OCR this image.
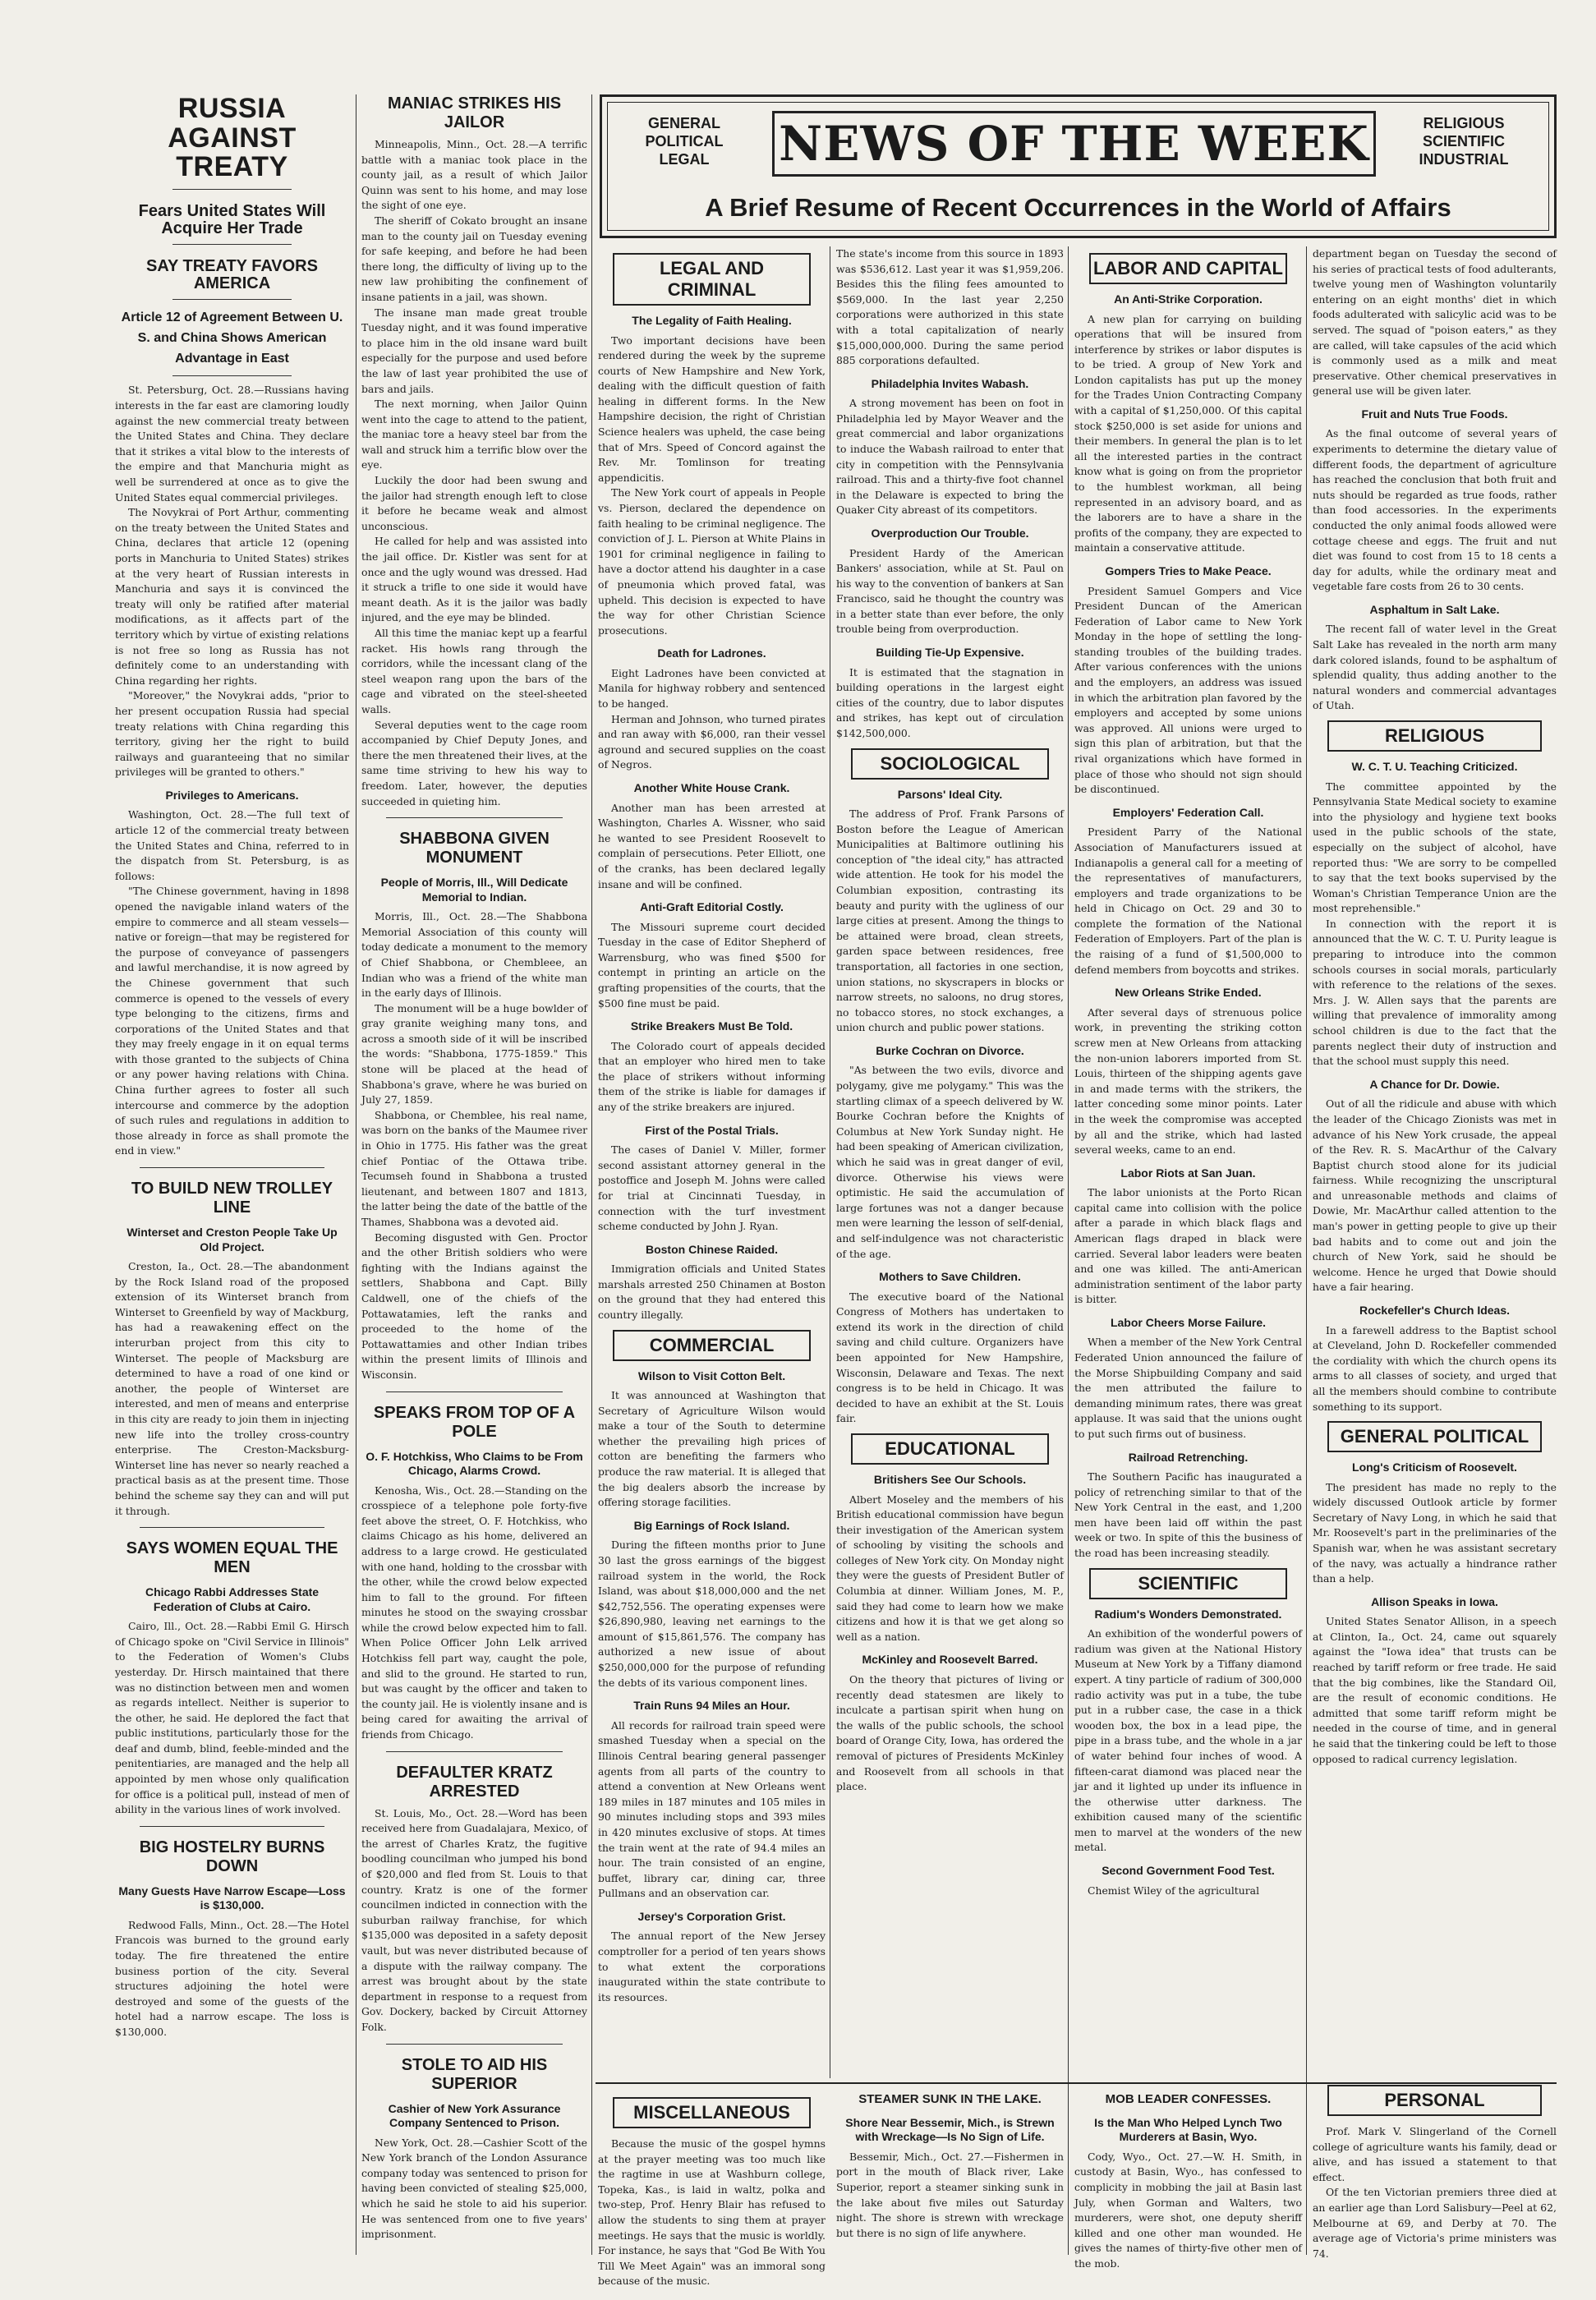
GENERAL
POLITICAL
LEGAL	NEWS OF THE WEEK	RELIGIOUS
SCIENTIFIC
INDUSTRIAL
A Brief Resume of Recent Occurrences in the World of Affairs
RUSSIA AGAINST TREATY
Fears United States Will Acquire Her Trade
SAY TREATY FAVORS AMERICA
Article 12 of Agreement Between U. S. and China Shows American Advantage in East

St. Petersburg, Oct. 28.—Russians having interests in the far east are clamoring loudly against the new commercial treaty between the United States and China. They declare that it strikes a vital blow to the interests of the empire and that Manchuria might as well be surrendered at once as to give the United States equal commercial privileges.

The Novykrai of Port Arthur, commenting on the treaty between the United States and China, declares that article 12 (opening ports in Manchuria to United States) strikes at the very heart of Russian interests in Manchuria and says it is convinced the treaty will only be ratified after material modifications, as it affects part of the territory which by virtue of existing relations is not free so long as Russia has not definitely come to an understanding with China regarding her rights.

"Moreover," the Novykrai adds, "prior to her present occupation Russia had special treaty relations with China regarding this territory, giving her the right to build railways and guaranteeing that no similar privileges will be granted to others."

Privileges to Americans.

Washington, Oct. 28.—The full text of article 12 of the commercial treaty between the United States and China, referred to in the dispatch from St. Petersburg, is as follows:

"The Chinese government, having in 1898 opened the navigable inland waters of the empire to commerce and all steam vessels—native or foreign—that may be registered for the purpose of conveyance of passengers and lawful merchandise, it is now agreed by the Chinese government that such commerce is opened to the vessels of every type belonging to the citizens, firms and corporations of the United States and that they may freely engage in it on equal terms with those granted to the subjects of China or any power having relations with China. China further agrees to foster all such intercourse and commerce by the adoption of such rules and regulations in addition to those already in force as shall promote the end in view."

TO BUILD NEW TROLLEY LINE
Winterset and Creston People Take Up Old Project.

Creston, Ia., Oct. 28.—The abandonment by the Rock Island road of the proposed extension of its Winterset branch from Winterset to Greenfield by way of Mackburg, has had a reawakening effect on the interurban project from this city to Winterset. The people of Macksburg are determined to have a road of one kind or another, the people of Winterset are interested, and men of means and enterprise in this city are ready to join them in injecting new life into the trolley cross-country enterprise. The Creston-Macksburg-Winterset line has never so nearly reached a practical basis as at the present time. Those behind the scheme say they can and will put it through.

SAYS WOMEN EQUAL THE MEN
Chicago Rabbi Addresses State Federation of Clubs at Cairo.

Cairo, Ill., Oct. 28.—Rabbi Emil G. Hirsch of Chicago spoke on "Civil Service in Illinois" to the Federation of Women's Clubs yesterday. Dr. Hirsch maintained that there was no distinction between men and women as regards intellect. Neither is superior to the other, he said. He deplored the fact that public institutions, particularly those for the deaf and dumb, blind, feeble-minded and the penitentiaries, are managed and the help all appointed by men whose only qualification for office is a political pull, instead of men of ability in the various lines of work involved.

BIG HOSTELRY BURNS DOWN
Many Guests Have Narrow Escape—Loss is $130,000.

Redwood Falls, Minn., Oct. 28.—The Hotel Francois was burned to the ground early today. The fire threatened the entire business portion of the city. Several structures adjoining the hotel were destroyed and some of the guests of the hotel had a narrow escape. The loss is $130,000.

MANIAC STRIKES HIS JAILOR

Minneapolis, Minn., Oct. 28.—A terrific battle with a maniac took place in the county jail, as a result of which Jailor Quinn was sent to his home, and may lose the sight of one eye.

The sheriff of Cokato brought an insane man to the county jail on Tuesday evening for safe keeping, and before he had been there long, the difficulty of living up to the new law prohibiting the confinement of insane patients in a jail, was shown.

The insane man made great trouble Tuesday night, and it was found imperative to place him in the old insane ward built especially for the purpose and used before the law of last year prohibited the use of bars and jails.

The next morning, when Jailor Quinn went into the cage to attend to the patient, the maniac tore a heavy steel bar from the wall and struck him a terrific blow over the eye.

Luckily the door had been swung and the jailor had strength enough left to close it before he became weak and almost unconscious.

He called for help and was assisted into the jail office. Dr. Kistler was sent for at once and the ugly wound was dressed. Had it struck a trifle to one side it would have meant death. As it is the jailor was badly injured, and the eye may be blinded.

All this time the maniac kept up a fearful racket. His howls rang through the corridors, while the incessant clang of the steel weapon rang upon the bars of the cage and vibrated on the steel-sheeted walls.

Several deputies went to the cage room accompanied by Chief Deputy Jones, and there the men threatened their lives, at the same time striving to hew his way to freedom. Later, however, the deputies succeeded in quieting him.

SHABBONA GIVEN MONUMENT
People of Morris, Ill., Will Dedicate Memorial to Indian.

Morris, Ill., Oct. 28.—The Shabbona Memorial Association of this county will today dedicate a monument to the memory of Chief Shabbona, or Chembleee, an Indian who was a friend of the white man in the early days of Illinois.

The monument will be a huge bowlder of gray granite weighing many tons, and across a smooth side of it will be inscribed the words: "Shabbona, 1775-1859." This stone will be placed at the head of Shabbona's grave, where he was buried on July 27, 1859.

Shabbona, or Chemblee, his real name, was born on the banks of the Maumee river in Ohio in 1775. His father was the great chief Pontiac of the Ottawa tribe. Tecumseh found in Shabbona a trusted lieutenant, and between 1807 and 1813, the latter being the date of the battle of the Thames, Shabbona was a devoted aid.

Becoming disgusted with Gen. Proctor and the other British soldiers who were fighting with the Indians against the settlers, Shabbona and Capt. Billy Caldwell, one of the chiefs of the Pottawatamies, left the ranks and proceeded to the home of the Pottawattamies and other Indian tribes within the present limits of Illinois and Wisconsin.

SPEAKS FROM TOP OF A POLE
O. F. Hotchkiss, Who Claims to be From Chicago, Alarms Crowd.

Kenosha, Wis., Oct. 28.—Standing on the crosspiece of a telephone pole forty-five feet above the street, O. F. Hotchkiss, who claims Chicago as his home, delivered an address to a large crowd. He gesticulated with one hand, holding to the crossbar with the other, while the crowd below expected him to fall to the ground. For fifteen minutes he stood on the swaying crossbar while the crowd below expected him to fall. When Police Officer John Lelk arrived Hotchkiss fell part way, caught the pole, and slid to the ground. He started to run, but was caught by the officer and taken to the county jail. He is violently insane and is being cared for awaiting the arrival of friends from Chicago.

DEFAULTER KRATZ ARRESTED

St. Louis, Mo., Oct. 28.—Word has been received here from Guadalajara, Mexico, of the arrest of Charles Kratz, the fugitive boodling councilman who jumped his bond of $20,000 and fled from St. Louis to that country. Kratz is one of the former councilmen indicted in connection with the suburban railway franchise, for which $135,000 was deposited in a safety deposit vault, but was never distributed because of a dispute with the railway company. The arrest was brought about by the state department in response to a request from Gov. Dockery, backed by Circuit Attorney Folk.

STOLE TO AID HIS SUPERIOR
Cashier of New York Assurance Company Sentenced to Prison.

New York, Oct. 28.—Cashier Scott of the New York branch of the London Assurance company today was sentenced to prison for having been convicted of stealing $25,000, which he said he stole to aid his superior. He was sentenced from one to five years' imprisonment.

LEGAL AND CRIMINAL
The Legality of Faith Healing.

Two important decisions have been rendered during the week by the supreme courts of New Hampshire and New York, dealing with the difficult question of faith healing in different forms. In the New Hampshire decision, the right of Christian Science healers was upheld, the case being that of Mrs. Speed of Concord against the Rev. Mr. Tomlinson for treating appendicitis.

The New York court of appeals in People vs. Pierson, declared the dependence on faith healing to be criminal negligence. The conviction of J. L. Pierson at White Plains in 1901 for criminal negligence in failing to have a doctor attend his daughter in a case of pneumonia which proved fatal, was upheld. This decision is expected to have the way for other Christian Science prosecutions.

Death for Ladrones.

Eight Ladrones have been convicted at Manila for highway robbery and sentenced to be hanged.

Herman and Johnson, who turned pirates and ran away with $6,000, ran their vessel aground and secured supplies on the coast of Negros.

Another White House Crank.

Another man has been arrested at Washington, Charles A. Wissner, who said he wanted to see President Roosevelt to complain of persecutions. Peter Elliott, one of the cranks, has been declared legally insane and will be confined.

Anti-Graft Editorial Costly.

The Missouri supreme court decided Tuesday in the case of Editor Shepherd of Warrensburg, who was fined $500 for contempt in printing an article on the grafting propensities of the courts, that the $500 fine must be paid.

Strike Breakers Must Be Told.

The Colorado court of appeals decided that an employer who hired men to take the place of strikers without informing them of the strike is liable for damages if any of the strike breakers are injured.

First of the Postal Trials.

The cases of Daniel V. Miller, former second assistant attorney general in the postoffice and Joseph M. Johns were called for trial at Cincinnati Tuesday, in connection with the turf investment scheme conducted by John J. Ryan.

Boston Chinese Raided.

Immigration officials and United States marshals arrested 250 Chinamen at Boston on the ground that they had entered this country illegally.

COMMERCIAL
Wilson to Visit Cotton Belt.

It was announced at Washington that Secretary of Agriculture Wilson would make a tour of the South to determine whether the prevailing high prices of cotton are benefiting the farmers who produce the raw material. It is alleged that the big dealers absorb the increase by offering storage facilities.

Big Earnings of Rock Island.

During the fifteen months prior to June 30 last the gross earnings of the biggest railroad system in the world, the Rock Island, was about $18,000,000 and the net $42,752,556. The operating expenses were $26,890,980, leaving net earnings to the amount of $15,861,576. The company has authorized a new issue of about $250,000,000 for the purpose of refunding the debts of its various component lines.

Train Runs 94 Miles an Hour.

All records for railroad train speed were smashed Tuesday when a special on the Illinois Central bearing general passenger agents from all parts of the country to attend a convention at New Orleans went 189 miles in 187 minutes and 105 miles in 90 minutes including stops and 393 miles in 420 minutes exclusive of stops. At times the train went at the rate of 94.4 miles an hour. The train consisted of an engine, buffet, library car, dining car, three Pullmans and an observation car.

Jersey's Corporation Grist.

The annual report of the New Jersey comptroller for a period of ten years shows to what extent the corporations inaugurated within the state contribute to its resources.

The state's income from this source in 1893 was $536,612. Last year it was $1,959,206. Besides this the filing fees amounted to $569,000. In the last year 2,250 corporations were authorized in this state with a total capitalization of nearly $15,000,000,000. During the same period 885 corporations defaulted.

Philadelphia Invites Wabash.

A strong movement has been on foot in Philadelphia led by Mayor Weaver and the great commercial and labor organizations to induce the Wabash railroad to enter that city in competition with the Pennsylvania railroad. This and a thirty-five foot channel in the Delaware is expected to bring the Quaker City abreast of its competitors.

Overproduction Our Trouble.

President Hardy of the American Bankers' association, while at St. Paul on his way to the convention of bankers at San Francisco, said he thought the country was in a better state than ever before, the only trouble being from overproduction.

Building Tie-Up Expensive.

It is estimated that the stagnation in building operations in the largest eight cities of the country, due to labor disputes and strikes, has kept out of circulation $142,500,000.

SOCIOLOGICAL
Parsons' Ideal City.

The address of Prof. Frank Parsons of Boston before the League of American Municipalities at Baltimore outlining his conception of "the ideal city," has attracted wide attention. He took for his model the Columbian exposition, contrasting its beauty and purity with the ugliness of our large cities at present. Among the things to be attained were broad, clean streets, garden space between residences, free transportation, all factories in one section, union stations, no skyscrapers in blocks or narrow streets, no saloons, no drug stores, no tobacco stores, no stock exchanges, a union church and public power stations.

Burke Cochran on Divorce.

"As between the two evils, divorce and polygamy, give me polygamy." This was the startling climax of a speech delivered by W. Bourke Cochran before the Knights of Columbus at New York Sunday night. He had been speaking of American civilization, which he said was in great danger of evil, divorce. Otherwise his views were optimistic. He said the accumulation of large fortunes was not a danger because men were learning the lesson of self-denial, and self-indulgence was not characteristic of the age.

Mothers to Save Children.

The executive board of the National Congress of Mothers has undertaken to extend its work in the direction of child saving and child culture. Organizers have been appointed for New Hampshire, Wisconsin, Delaware and Texas. The next congress is to be held in Chicago. It was decided to have an exhibit at the St. Louis fair.

EDUCATIONAL
Britishers See Our Schools.

Albert Moseley and the members of his British educational commission have begun their investigation of the American system of schooling by visiting the schools and colleges of New York city. On Monday night they were the guests of President Butler of Columbia at dinner. William Jones, M. P., said they had come to learn how we make citizens and how it is that we get along so well as a nation.

McKinley and Roosevelt Barred.

On the theory that pictures of living or recently dead statesmen are likely to inculcate a partisan spirit when hung on the walls of the public schools, the school board of Orange City, Iowa, has ordered the removal of pictures of Presidents McKinley and Roosevelt from all schools in that place.

LABOR AND CAPITAL
An Anti-Strike Corporation.

A new plan for carrying on building operations that will be insured from interference by strikes or labor disputes is to be tried. A group of New York and London capitalists has put up the money for the Trades Union Contracting Company with a capital of $1,250,000. Of this capital stock $250,000 is set aside for unions and their members. In general the plan is to let all the interested parties in the contract know what is going on from the proprietor to the humblest workman, all being represented in an advisory board, and as the laborers are to have a share in the profits of the company, they are expected to maintain a conservative attitude.

Gompers Tries to Make Peace.

President Samuel Gompers and Vice President Duncan of the American Federation of Labor came to New York Monday in the hope of settling the long-standing troubles of the building trades. After various conferences with the unions and the employers, an address was issued in which the arbitration plan favored by the employers and accepted by some unions was approved. All unions were urged to sign this plan of arbitration, but that the rival organizations which have formed in place of those who should not sign should be discontinued.

Employers' Federation Call.

President Parry of the National Association of Manufacturers issued at Indianapolis a general call for a meeting of the representatives of manufacturers, employers and trade organizations to be held in Chicago on Oct. 29 and 30 to complete the formation of the National Federation of Employers. Part of the plan is the raising of a fund of $1,500,000 to defend members from boycotts and strikes.

New Orleans Strike Ended.

After several days of strenuous police work, in preventing the striking cotton screw men at New Orleans from attacking the non-union laborers imported from St. Louis, thirteen of the shipping agents gave in and made terms with the strikers, the latter conceding some minor points. Later in the week the compromise was accepted by all and the strike, which had lasted several weeks, came to an end.

Labor Riots at San Juan.

The labor unionists at the Porto Rican capital came into collision with the police after a parade in which black flags and American flags draped in black were carried. Several labor leaders were beaten and one was killed. The anti-American administration sentiment of the labor party is bitter.

Labor Cheers Morse Failure.

When a member of the New York Central Federated Union announced the failure of the Morse Shipbuilding Company and said the men attributed the failure to demanding minimum rates, there was great applause. It was said that the unions ought to put such firms out of business.

Railroad Retrenching.

The Southern Pacific has inaugurated a policy of retrenching similar to that of the New York Central in the east, and 1,200 men have been laid off within the past week or two. In spite of this the business of the road has been increasing steadily.

SCIENTIFIC
Radium's Wonders Demonstrated.

An exhibition of the wonderful powers of radium was given at the National History Museum at New York by a Tiffany diamond expert. A tiny particle of radium of 300,000 radio activity was put in a tube, the tube put in a rubber case, the case in a thick wooden box, the box in a lead pipe, the pipe in a brass tube, and the whole in a jar of water behind four inches of wood. A fifteen-carat diamond was placed near the jar and it lighted up under its influence in the otherwise utter darkness. The exhibition caused many of the scientific men to marvel at the wonders of the new metal.

Second Government Food Test.

Chemist Wiley of the agricultural

department began on Tuesday the second of his series of practical tests of food adulterants, twelve young men of Washington voluntarily entering on an eight months' diet in which foods adulterated with salicylic acid was to be served. The squad of "poison eaters," as they are called, will take capsules of the acid which is commonly used as a milk and meat preservative. Other chemical preservatives in general use will be given later.

Fruit and Nuts True Foods.

As the final outcome of several years of experiments to determine the dietary value of different foods, the department of agriculture has reached the conclusion that both fruit and nuts should be regarded as true foods, rather than food accessories. In the experiments conducted the only animal foods allowed were cottage cheese and eggs. The fruit and nut diet was found to cost from 15 to 18 cents a day for adults, while the ordinary meat and vegetable fare costs from 26 to 30 cents.

Asphaltum in Salt Lake.

The recent fall of water level in the Great Salt Lake has revealed in the north arm many dark colored islands, found to be asphaltum of splendid quality, thus adding another to the natural wonders and commercial advantages of Utah.

RELIGIOUS
W. C. T. U. Teaching Criticized.

The committee appointed by the Pennsylvania State Medical society to examine into the physiology and hygiene text books used in the public schools of the state, especially on the subject of alcohol, have reported thus: "We are sorry to be compelled to say that the text books supervised by the Woman's Christian Temperance Union are the most reprehensible."

In connection with the report it is announced that the W. C. T. U. Purity league is preparing to introduce into the common schools courses in social morals, particularly with reference to the relations of the sexes. Mrs. J. W. Allen says that the parents are willing that prevalence of immorality among school children is due to the fact that the parents neglect their duty of instruction and that the school must supply this need.

A Chance for Dr. Dowie.

Out of all the ridicule and abuse with which the leader of the Chicago Zionists was met in advance of his New York crusade, the appeal of the Rev. R. S. MacArthur of the Calvary Baptist church stood alone for its judicial fairness. While recognizing the unscriptural and unreasonable methods and claims of Dowie, Mr. MacArthur called attention to the man's power in getting people to give up their bad habits and to come out and join the church of New York, said he should be welcome. Hence he urged that Dowie should have a fair hearing.

Rockefeller's Church Ideas.

In a farewell address to the Baptist school at Cleveland, John D. Rockefeller commended the cordiality with which the church opens its arms to all classes of society, and urged that all the members should combine to contribute something to its support.

GENERAL POLITICAL
Long's Criticism of Roosevelt.

The president has made no reply to the widely discussed Outlook article by former Secretary of Navy Long, in which he said that Mr. Roosevelt's part in the preliminaries of the Spanish war, when he was assistant secretary of the navy, was actually a hindrance rather than a help.

Allison Speaks in Iowa.

United States Senator Allison, in a speech at Clinton, Ia., Oct. 24, came out squarely against the "Iowa idea" that trusts can be reached by tariff reform or free trade. He said that the big combines, like the Standard Oil, are the result of economic conditions. He admitted that some tariff reform might be needed in the course of time, and in general he said that the tinkering could be left to those opposed to radical currency legislation.

MISCELLANEOUS

Because the music of the gospel hymns at the prayer meeting was too much like the ragtime in use at Washburn college, Topeka, Kas., is laid in waltz, polka and two-step, Prof. Henry Blair has refused to allow the students to sing them at prayer meetings. He says that the music is worldly. For instance, he says that "God Be With You Till We Meet Again" was an immoral song because of the music.

STEAMER SUNK IN THE LAKE.
Shore Near Bessemir, Mich., is Strewn with Wreckage—Is No Sign of Life.

Bessemir, Mich., Oct. 27.—Fishermen in port in the mouth of Black river, Lake Superior, report a steamer sinking sunk in the lake about five miles out Saturday night. The shore is strewn with wreckage but there is no sign of life anywhere.

MOB LEADER CONFESSES.
Is the Man Who Helped Lynch Two Murderers at Basin, Wyo.

Cody, Wyo., Oct. 27.—W. H. Smith, in custody at Basin, Wyo., has confessed to complicity in mobbing the jail at Basin last July, when Gorman and Walters, two murderers, were shot, one deputy sheriff killed and one other man wounded. He gives the names of thirty-five other men of the mob.

PERSONAL

Prof. Mark V. Slingerland of the Cornell college of agriculture wants his family, dead or alive, and has issued a statement to that effect.

Of the ten Victorian premiers three died at an earlier age than Lord Salisbury—Peel at 62, Melbourne at 69, and Derby at 70. The average age of Victoria's prime ministers was 74.
